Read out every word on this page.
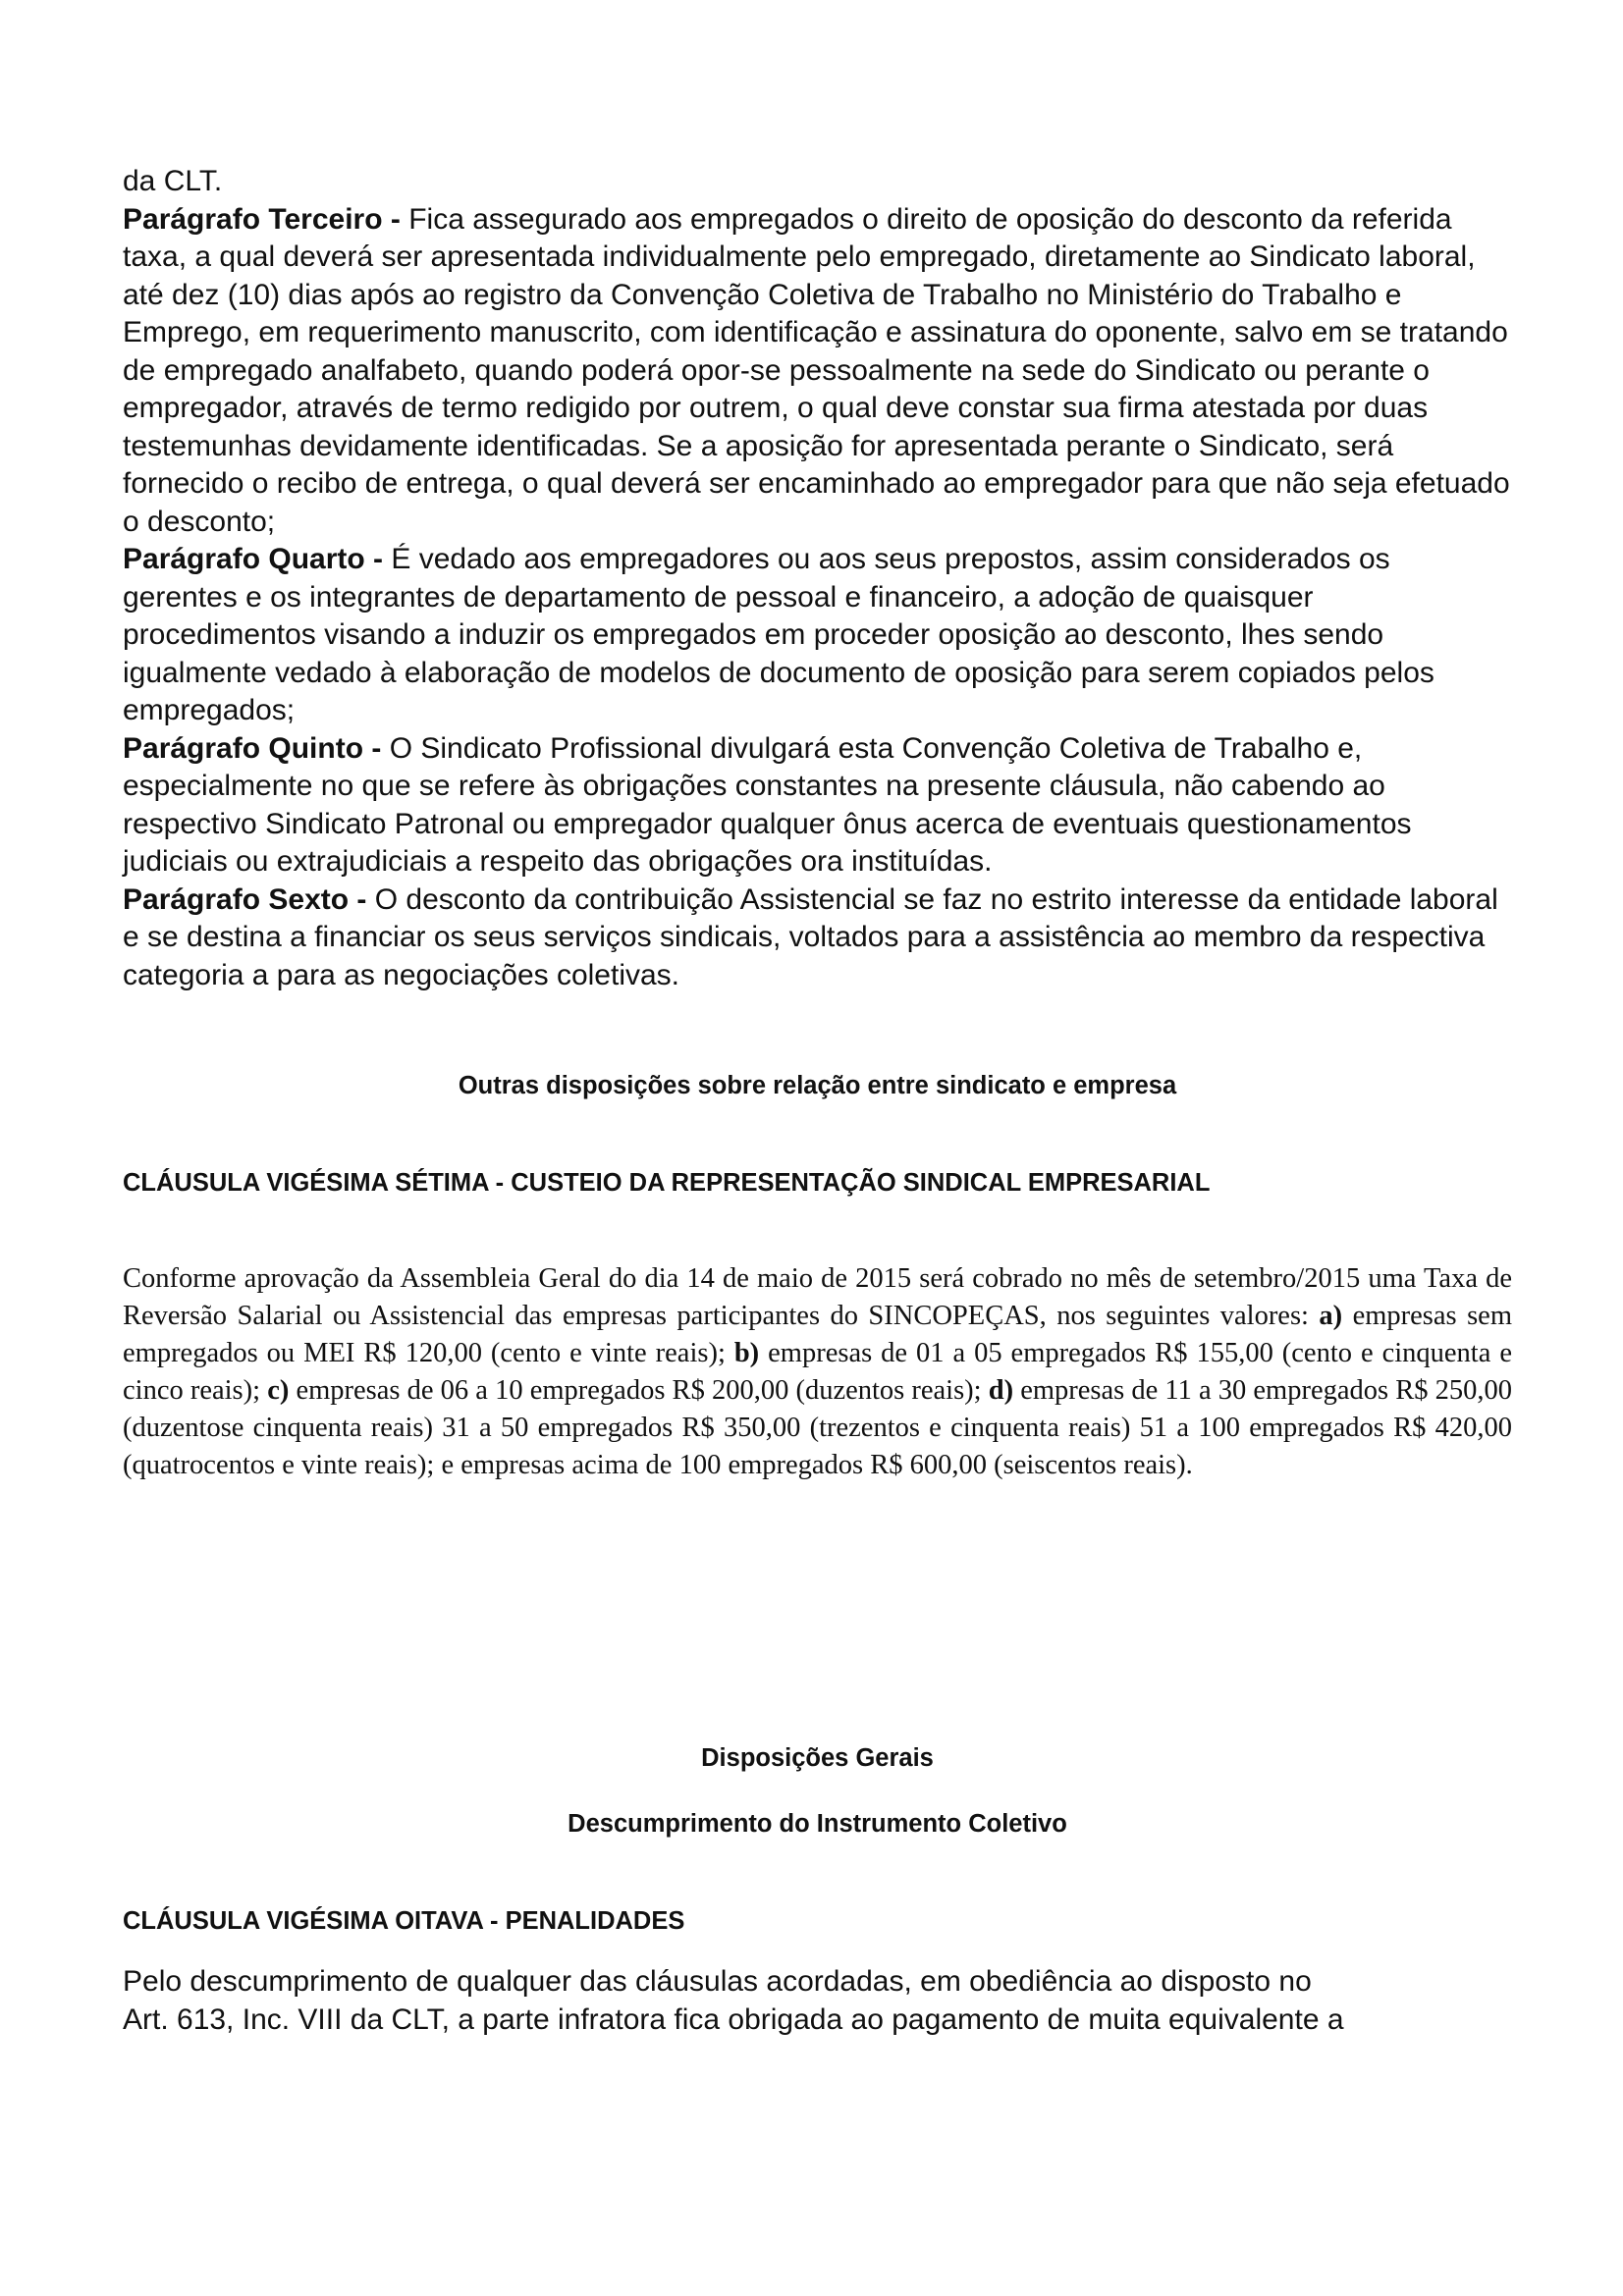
da CLT.

Parágrafo Terceiro - Fica assegurado aos empregados o direito de oposição do desconto da referida taxa, a qual deverá ser apresentada individualmente pelo empregado, diretamente ao Sindicato laboral, até dez (10) dias após ao registro da Convenção Coletiva de Trabalho no Ministério do Trabalho e Emprego, em requerimento manuscrito, com identificação e assinatura do oponente, salvo em se tratando de empregado analfabeto, quando poderá opor-se pessoalmente na sede do Sindicato ou perante o empregador, através de termo redigido por outrem, o qual deve constar sua firma atestada por duas testemunhas devidamente identificadas. Se a aposição for apresentada perante o Sindicato, será fornecido o recibo de entrega, o qual deverá ser encaminhado ao empregador para que não seja efetuado o desconto;

Parágrafo Quarto - É vedado aos empregadores ou aos seus prepostos, assim considerados os gerentes e os integrantes de departamento de pessoal e financeiro, a adoção de quaisquer procedimentos visando a induzir os empregados em proceder oposição ao desconto, lhes sendo igualmente vedado à elaboração de modelos de documento de oposição para serem copiados pelos empregados;

Parágrafo Quinto - O Sindicato Profissional divulgará esta Convenção Coletiva de Trabalho e, especialmente no que se refere às obrigações constantes na presente cláusula, não cabendo ao respectivo Sindicato Patronal ou empregador qualquer ônus acerca de eventuais questionamentos judiciais ou extrajudiciais a respeito das obrigações ora instituídas.

Parágrafo Sexto - O desconto da contribuição Assistencial se faz no estrito interesse da entidade laboral e se destina a financiar os seus serviços sindicais, voltados para a assistência ao membro da respectiva categoria a para as negociações coletivas.

Outras disposições sobre relação entre sindicato e empresa
CLÁUSULA VIGÉSIMA SÉTIMA - CUSTEIO DA REPRESENTAÇÃO SINDICAL EMPRESARIAL
Conforme aprovação da Assembleia Geral do dia 14 de maio de 2015 será cobrado no mês de setembro/2015 uma Taxa de Reversão Salarial ou Assistencial das empresas participantes do SINCOPEÇAS, nos seguintes valores: a) empresas sem empregados ou MEI R$ 120,00 (cento e vinte reais); b) empresas de 01 a 05 empregados R$ 155,00 (cento e cinquenta e cinco reais); c) empresas de 06 a 10 empregados R$ 200,00 (duzentos reais); d) empresas de 11 a 30 empregados R$ 250,00 (duzentose cinquenta reais) 31 a 50 empregados R$ 350,00 (trezentos e cinquenta reais) 51 a 100 empregados R$ 420,00 (quatrocentos e vinte reais); e empresas acima de 100 empregados R$ 600,00 (seiscentos reais).
Disposições Gerais
Descumprimento do Instrumento Coletivo
CLÁUSULA VIGÉSIMA OITAVA - PENALIDADES
Pelo descumprimento de qualquer das cláusulas acordadas, em obediência ao disposto no
Art. 613, Inc. VIII da CLT, a parte infratora fica obrigada ao pagamento de muita equivalente a
